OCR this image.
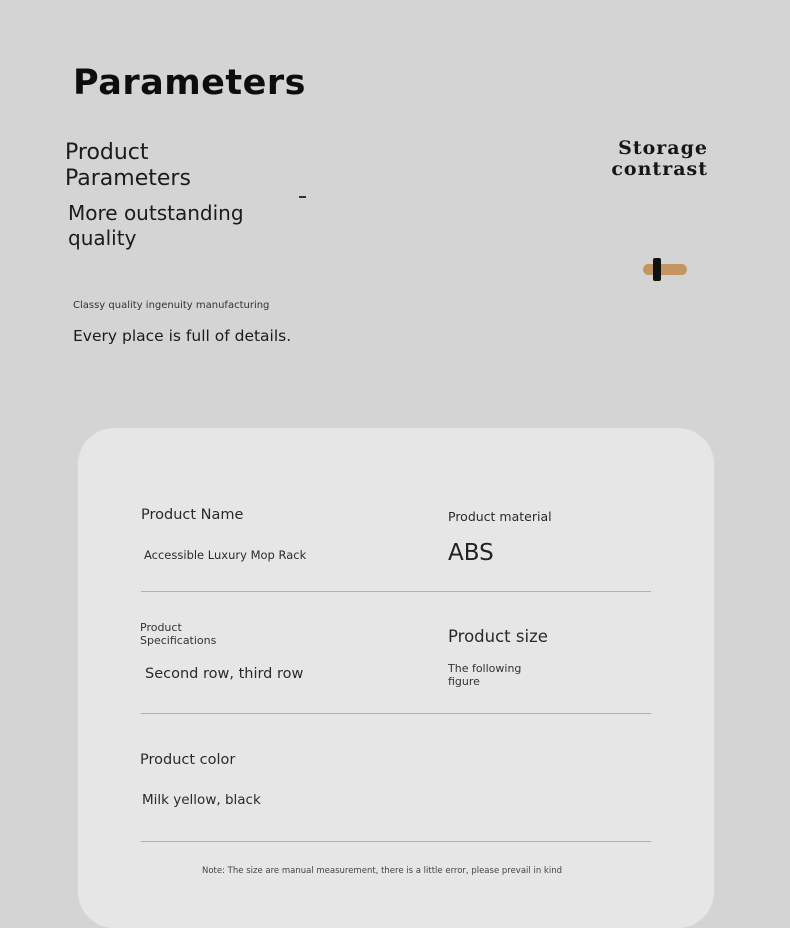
Parameters
Product
Parameters
More outstanding
quality
Classy quality ingenuity manufacturing
Every place is full of details.
Storage
contrast
Product Name
Accessible Luxury Mop Rack
Product material
ABS
Product
Specifications
Second row, third row
Product size
The following
figure
Product color
Milk yellow, black
Note: The size are manual measurement, there is a little error, please prevail in kind
